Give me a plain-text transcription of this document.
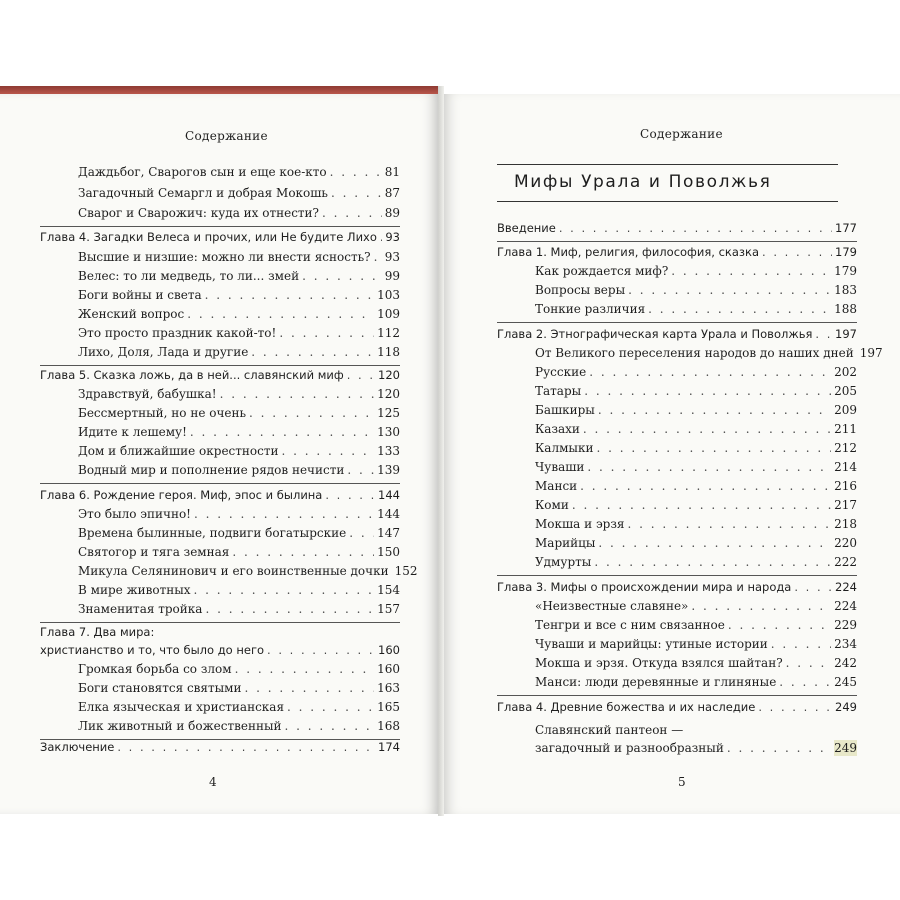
Содержание
Даждьбог, Сварогов сын и еще кое-кто . . .	81
Загадочный Семаргл и добрая Мокошь . . .	87
Сварог и Сварожич: куда их отнести? . . .	89
Глава 4. Загадки Велеса и прочих, или Не будите Лихо . . . 93
Высшие и низшие: можно ли внести ясность? . . . 93
Велес: то ли медведь, то ли... змей . . .	99
Боги войны и света . . .	103
Женский вопрос . . .	109
Это просто праздник какой-то! . . .	112
Лихо, Доля, Лада и другие . . .	118
Глава 5. Сказка ложь, да в ней... славянский миф . . .	120
Здравствуй, бабушка! . . .	120
Бессмертный, но не очень . . .	125
Идите к лешему! . . .	130
Дом и ближайшие окрестности . . .	133
Водный мир и пополнение рядов нечисти . . .	139
Глава 6. Рождение героя. Миф, эпос и былина . . .	144
Это было эпично! . . .	144
Времена былинные, подвиги богатырские . . .	147
Святогор и тяга земная . . .	150
Микула Селянинович и его воинственные дочки 152
В мире животных . . .	154
Знаменитая тройка . . .	157
Глава 7. Два мира:
христианство и то, что было до него . . .	160
Громкая борьба со злом . . .	160
Боги становятся святыми . . .	163
Елка языческая и христианская . . .	165
Лик животный и божественный . . .	168
Заключение . . .	174
4
Содержание
Мифы Урала и Поволжья
Введение . . .	177
Глава 1. Миф, религия, философия, сказка . . .	179
Как рождается миф? . . .	179
Вопросы веры . . .	183
Тонкие различия . . .	188
Глава 2. Этнографическая карта Урала и Поволжья . . . 197
От Великого переселения народов до наших дней 197
Русские . . .	202
Татары . . .	205
Башкиры . . .	209
Казахи . . .	211
Калмыки . . .	212
Чуваши . . .	214
Манси . . .	216
Коми . . .	217
Мокша и эрзя . . .	218
Марийцы . . .	220
Удмурты . . .	222
Глава 3. Мифы о происхождении мира и народа . . .	224
«Неизвестные славяне» . . .	224
Тенгри и все с ним связанное . . .	229
Чуваши и марийцы: утиные истории . . .	234
Мокша и эрзя. Откуда взялся шайтан? . . .	242
Манси: люди деревянные и глиняные . . .	245
Глава 4. Древние божества и их наследие . . .	249
Славянский пантеон —
загадочный и разнообразный . . .	249
5
